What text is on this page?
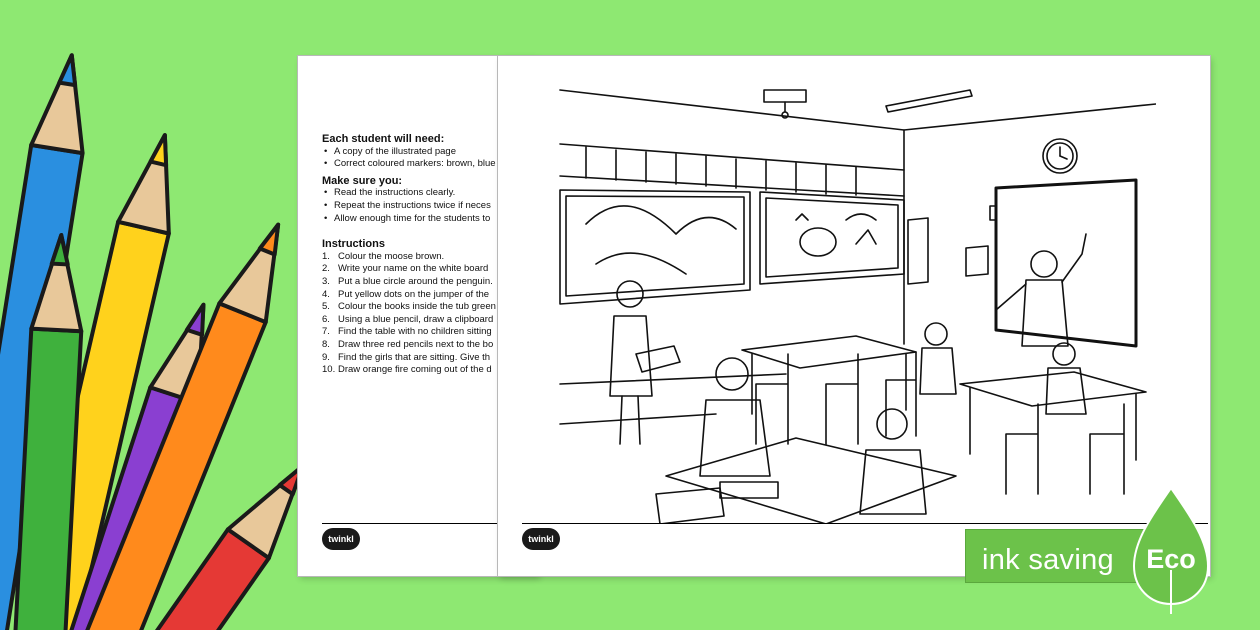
Each student will need:
• A copy of the illustrated page
• Correct coloured markers: brown, blue
Make sure you:
• Read the instructions clearly.
• Repeat the instructions twice if neces
• Allow enough time for the students to
Instructions
1. Colour the moose brown.
2. Write your name on the white board
3. Put a blue circle around the penguin.
4. Put yellow dots on the jumper of the
5. Colour the books inside the tub green
6. Using a blue pencil, draw a clipboard
7. Find the table with no children sitting
8. Draw three red pencils next to the bo
9. Find the girls that are sitting. Give th
10. Draw orange fire coming out of the d
twinkl	twinkl
ink saving	Eco
